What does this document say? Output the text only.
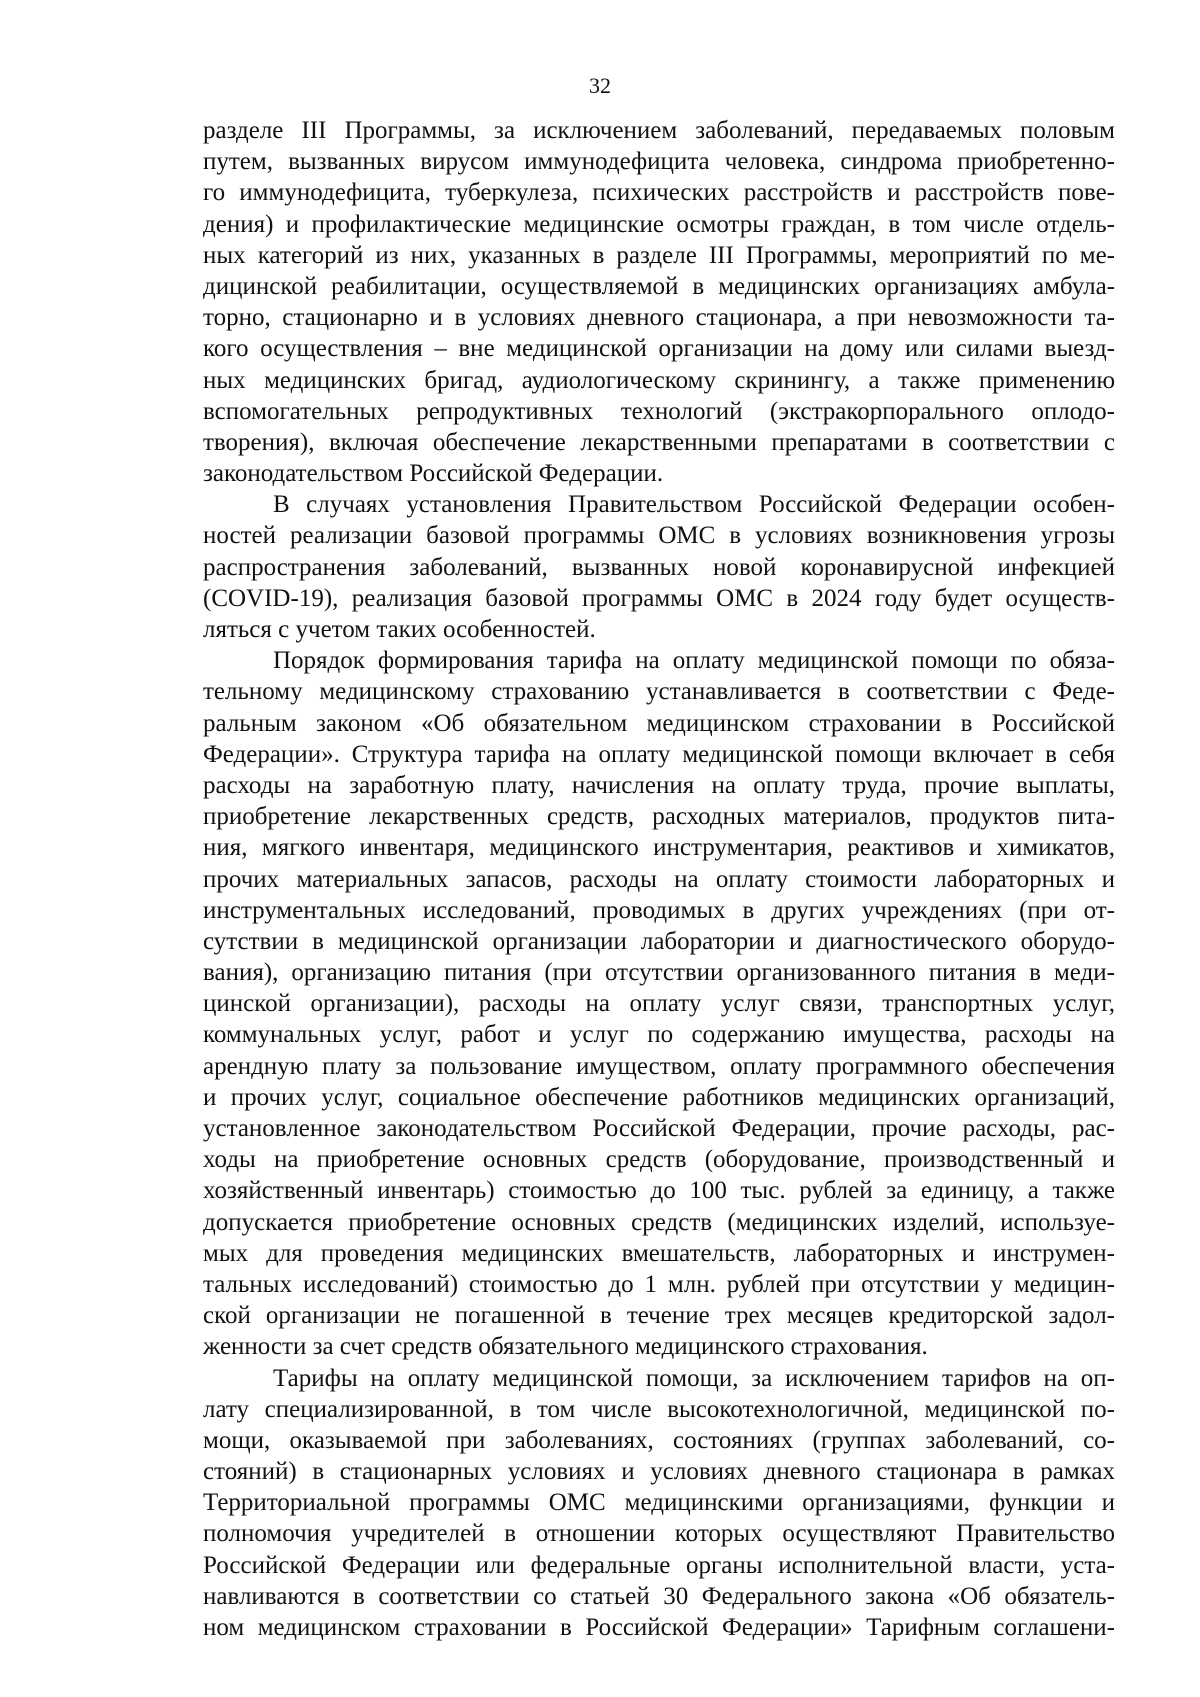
32
разделе III Программы, за исключением заболеваний, передаваемых половым
путем, вызванных вирусом иммунодефицита человека, синдрома приобретенно-
го иммунодефицита, туберкулеза, психических расстройств и расстройств пове-
дения) и профилактические медицинские осмотры граждан, в том числе отдель-
ных категорий из них, указанных в разделе III Программы, мероприятий по ме-
дицинской реабилитации, осуществляемой в медицинских организациях амбула-
торно, стационарно и в условиях дневного стационара, а при невозможности та-
кого осуществления – вне медицинской организации на дому или силами выезд-
ных медицинских бригад, аудиологическому скринингу, а также применению
вспомогательных репродуктивных технологий (экстракорпорального оплодо-
творения), включая обеспечение лекарственными препаратами в соответствии с
законодательством Российской Федерации.
В случаях установления Правительством Российской Федерации особен-
ностей реализации базовой программы ОМС в условиях возникновения угрозы
распространения заболеваний, вызванных новой коронавирусной инфекцией
(COVID-19), реализация базовой программы ОМС в 2024 году будет осуществ-
ляться с учетом таких особенностей.
Порядок формирования тарифа на оплату медицинской помощи по обяза-
тельному медицинскому страхованию устанавливается в соответствии с Феде-
ральным законом «Об обязательном медицинском страховании в Российской
Федерации». Структура тарифа на оплату медицинской помощи включает в себя
расходы на заработную плату, начисления на оплату труда, прочие выплаты,
приобретение лекарственных средств, расходных материалов, продуктов пита-
ния, мягкого инвентаря, медицинского инструментария, реактивов и химикатов,
прочих материальных запасов, расходы на оплату стоимости лабораторных и
инструментальных исследований, проводимых в других учреждениях (при от-
сутствии в медицинской организации лаборатории и диагностического оборудо-
вания), организацию питания (при отсутствии организованного питания в меди-
цинской организации), расходы на оплату услуг связи, транспортных услуг,
коммунальных услуг, работ и услуг по содержанию имущества, расходы на
арендную плату за пользование имуществом, оплату программного обеспечения
и прочих услуг, социальное обеспечение работников медицинских организаций,
установленное законодательством Российской Федерации, прочие расходы, рас-
ходы на приобретение основных средств (оборудование, производственный и
хозяйственный инвентарь) стоимостью до 100 тыс. рублей за единицу, а также
допускается приобретение основных средств (медицинских изделий, используе-
мых для проведения медицинских вмешательств, лабораторных и инструмен-
тальных исследований) стоимостью до 1 млн. рублей при отсутствии у медицин-
ской организации не погашенной в течение трех месяцев кредиторской задол-
женности за счет средств обязательного медицинского страхования.
Тарифы на оплату медицинской помощи, за исключением тарифов на оп-
лату специализированной, в том числе высокотехнологичной, медицинской по-
мощи, оказываемой при заболеваниях, состояниях (группах заболеваний, со-
стояний) в стационарных условиях и условиях дневного стационара в рамках
Территориальной программы ОМС медицинскими организациями, функции и
полномочия учредителей в отношении которых осуществляют Правительство
Российской Федерации или федеральные органы исполнительной власти, уста-
навливаются в соответствии со статьей 30 Федерального закона «Об обязатель-
ном медицинском страховании в Российской Федерации» Тарифным соглашени-
